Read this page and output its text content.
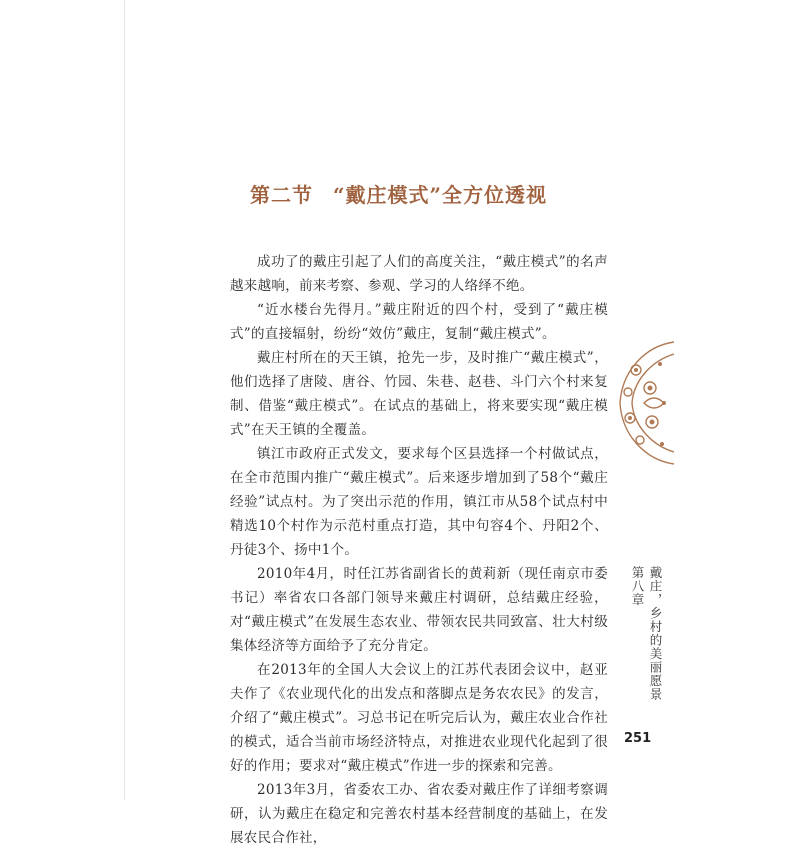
第二节 “戴庄模式”全方位透视

成功了的戴庄引起了人们的高度关注，“戴庄模式”的名声越来越响，前来考察、参观、学习的人络绎不绝。

“近水楼台先得月。”戴庄附近的四个村，受到了“戴庄模式”的直接辐射，纷纷“效仿”戴庄，复制“戴庄模式”。

戴庄村所在的天王镇，抢先一步，及时推广“戴庄模式”，他们选择了唐陵、唐谷、竹园、朱巷、赵巷、斗门六个村来复制、借鉴“戴庄模式”。在试点的基础上，将来要实现“戴庄模式”在天王镇的全覆盖。

镇江市政府正式发文，要求每个区县选择一个村做试点，在全市范围内推广“戴庄模式”。后来逐步增加到了58个“戴庄经验”试点村。为了突出示范的作用，镇江市从58个试点村中精选10个村作为示范村重点打造，其中句容4个、丹阳2个、丹徒3个、扬中1个。

2010年4月，时任江苏省副省长的黄莉新（现任南京市委书记）率省农口各部门领导来戴庄村调研，总结戴庄经验，对“戴庄模式”在发展生态农业、带领农民共同致富、壮大村级集体经济等方面给予了充分肯定。

在2013年的全国人大会议上的江苏代表团会议中，赵亚夫作了《农业现代化的出发点和落脚点是务农农民》的发言，介绍了“戴庄模式”。习总书记在听完后认为，戴庄农业合作社的模式，适合当前市场经济特点，对推进农业现代化起到了很好的作用；要求对“戴庄模式”作进一步的探索和完善。

2013年3月，省委农工办、省农委对戴庄作了详细考察调研，认为戴庄在稳定和完善农村基本经营制度的基础上，在发展农民合作社，

第八章 戴庄，乡村的美丽愿景
251
